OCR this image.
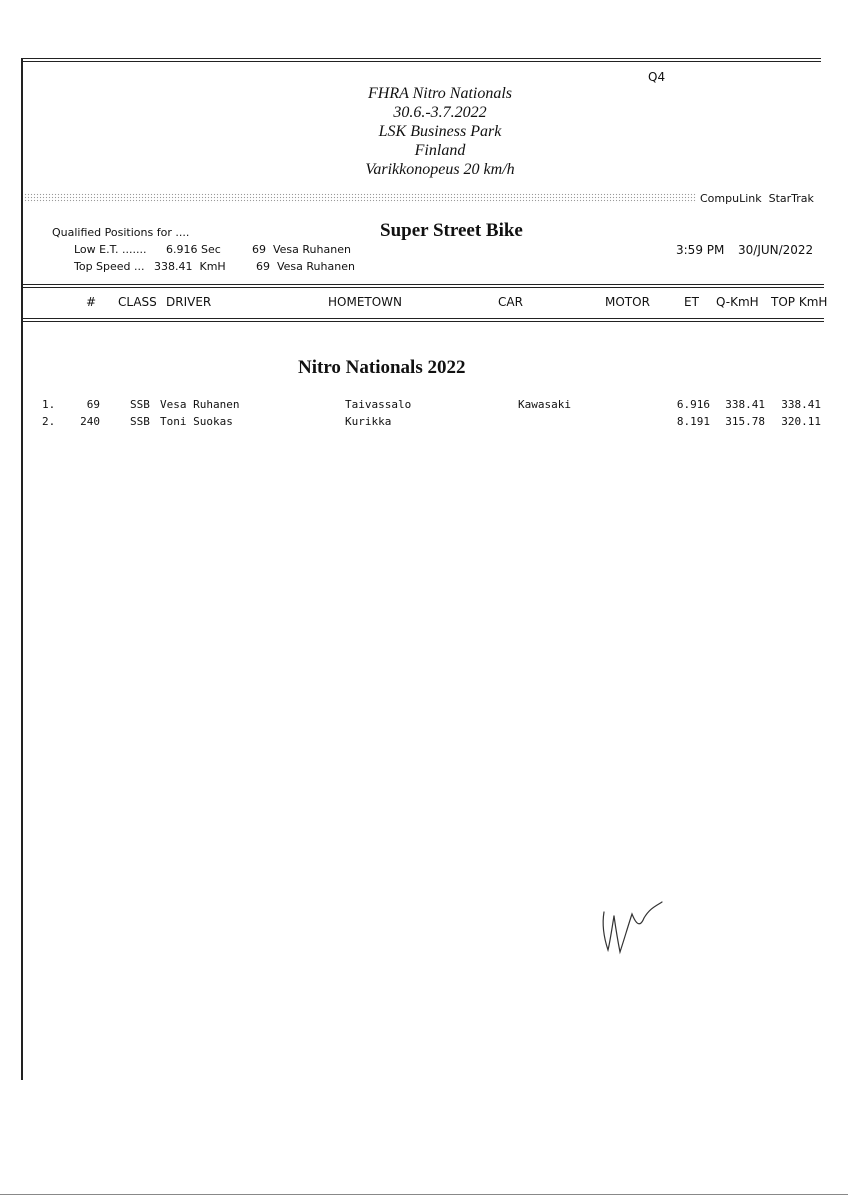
Q4
FHRA Nitro Nationals
30.6.-3.7.2022
LSK Business Park
Finland
Varikkonopeus 20 km/h
CompuLink  StarTrak
Qualified Positions for ....
Low E.T. ....... 6.916 Sec	69  Vesa Ruhanen
Top Speed ... 338.41  KmH	69  Vesa Ruhanen
Super Street Bike
3:59 PM 30/JUN/2022
# CLASS DRIVER	HOMETOWN	CAR	MOTOR	ET Q-KmH TOP KmH
Nitro Nationals 2022
1.	69	SSB Vesa Ruhanen	Taivassalo	Kawasaki	6.916	338.41	338.41
2.	240	SSB Toni Suokas	Kurikka	8.191	315.78	320.11
